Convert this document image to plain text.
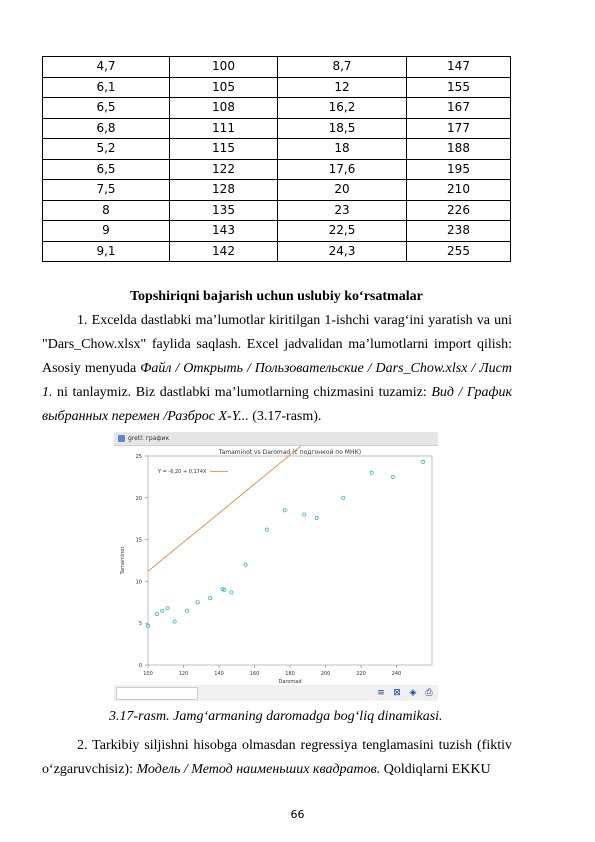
4,7	100	8,7	147
6,1	105	12	155
6,5	108	16,2	167
6,8	111	18,5	177
5,2	115	18	188
6,5	122	17,6	195
7,5	128	20	210
8	135	23	226
9	143	22,5	238
9,1	142	24,3	255
Topshiriqni bajarish uchun uslubiy ko‘rsatmalar
1. Excelda dastlabki ma’lumotlar kiritilgan 1-ishchi varag‘ini yaratish va uni "Dars_Chow.xlsx" faylida saqlash. Excel jadvalidan ma’lumotlarni import qilish: Asosiy menyuda Файл / Открыть / Пользовательские / Dars_Chow.xlsx / Лист 1. ni tanlaymiz. Biz dastlabki ma’lumotlarning chizmasini tuzamiz: Вид / График выбранных перемен /Разброс X-Y... (3.17-rasm).
gretl: график
Tamaminot vs Daromad (с подгонкой по МНК)
Y = -6,20 + 0,174X
100	120	140	160	180	200	220	240
0
5
10
15
20
25
Daromad
Tamaminot
≡ ⊠ ◈ ⎙
3.17-rasm. Jamg‘armaning daromadga bog‘liq dinamikasi.
2. Tarkibiy siljishni hisobga olmasdan regressiya tenglamasini tuzish (fiktiv o‘zgaruvchisiz): Модель / Метод наименьших квадратов. Qoldiqlarni EKKU
66
